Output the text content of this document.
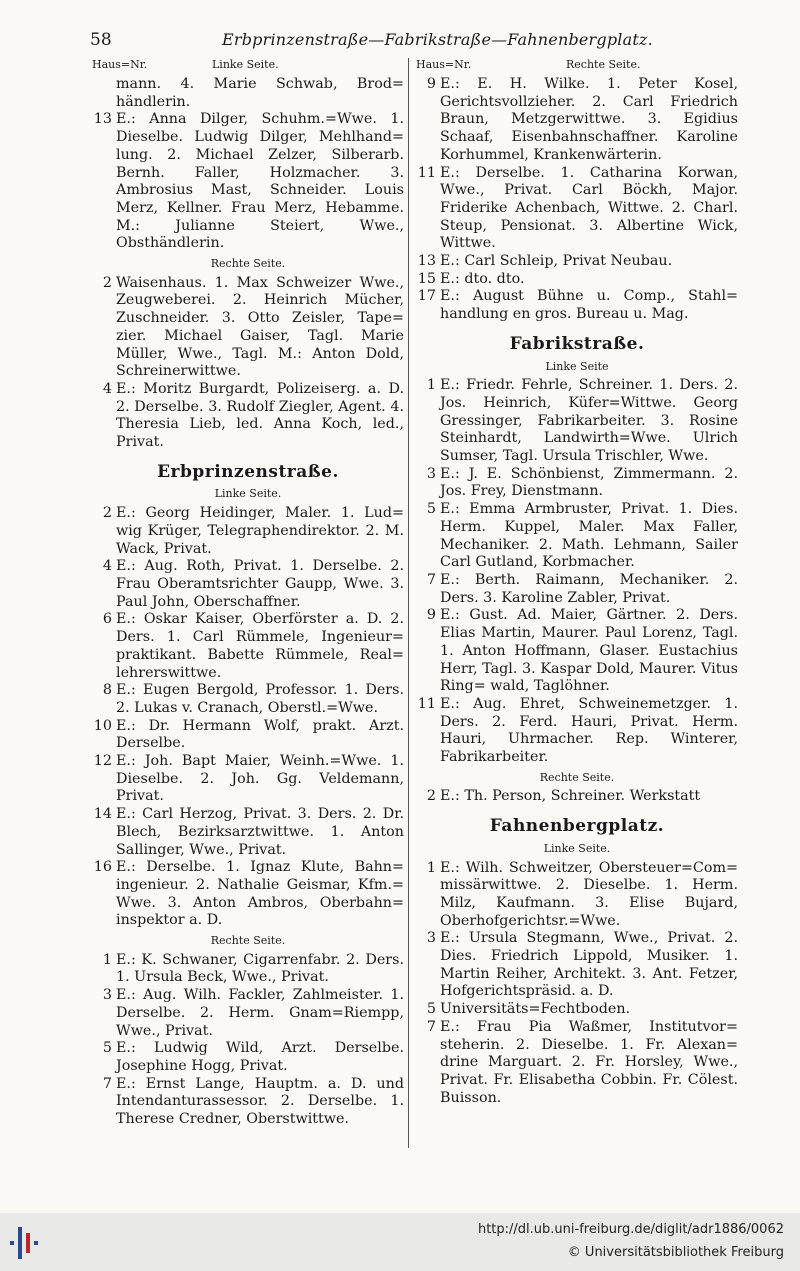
58	Erbprinzenstraße—Fabrikstraße—Fahnenbergplatz.
Haus=Nr.	Linke Seite.	Haus=Nr.	Rechte Seite.
mann. 4. Marie Schwab, Brod= händlerin.
13 E.: Anna Dilger, Schuhm.=Wwe. 1. Dieselbe. Ludwig Dilger, Mehlhand= lung. 2. Michael Zelzer, Silberarb. Bernh. Faller, Holzmacher. 3. Ambrosius Mast, Schneider. Louis Merz, Kellner. Frau Merz, Hebamme. M.: Julianne Steiert, Wwe., Obsthändlerin.
Rechte Seite.
2 Waisenhaus. 1. Max Schweizer Wwe., Zeugweberei. 2. Heinrich Mücher, Zuschneider. 3. Otto Zeisler, Tape= zier. Michael Gaiser, Tagl. Marie Müller, Wwe., Tagl. M.: Anton Dold, Schreinerwittwe.
4 E.: Moritz Burgardt, Polizeiserg. a. D. 2. Derselbe. 3. Rudolf Ziegler, Agent. 4. Theresia Lieb, led. Anna Koch, led., Privat.
Erbprinzenstraße.
Linke Seite.
2 E.: Georg Heidinger, Maler. 1. Lud= wig Krüger, Telegraphendirektor. 2. M. Wack, Privat.
4 E.: Aug. Roth, Privat. 1. Derselbe. 2. Frau Oberamtsrichter Gaupp, Wwe. 3. Paul John, Oberschaffner.
6 E.: Oskar Kaiser, Oberförster a. D. 2. Ders. 1. Carl Rümmele, Ingenieur= praktikant. Babette Rümmele, Real= lehrerswittwe.
8 E.: Eugen Bergold, Professor. 1. Ders. 2. Lukas v. Cranach, Oberstl.=Wwe.
10 E.: Dr. Hermann Wolf, prakt. Arzt. Derselbe.
12 E.: Joh. Bapt Maier, Weinh.=Wwe. 1. Dieselbe. 2. Joh. Gg. Veldemann, Privat.
14 E.: Carl Herzog, Privat. 3. Ders. 2. Dr. Blech, Bezirksarztwittwe. 1. Anton Sallinger, Wwe., Privat.
16 E.: Derselbe. 1. Ignaz Klute, Bahn= ingenieur. 2. Nathalie Geismar, Kfm.= Wwe. 3. Anton Ambros, Oberbahn= inspektor a. D.
Rechte Seite.
1 E.: K. Schwaner, Cigarrenfabr. 2. Ders. 1. Ursula Beck, Wwe., Privat.
3 E.: Aug. Wilh. Fackler, Zahlmeister. 1. Derselbe. 2. Herm. Gnam=Riempp, Wwe., Privat.
5 E.: Ludwig Wild, Arzt. Derselbe. Josephine Hogg, Privat.
7 E.: Ernst Lange, Hauptm. a. D. und Intendanturassessor. 2. Derselbe. 1. Therese Credner, Oberstwittwe.
9 E.: E. H. Wilke. 1. Peter Kosel, Gerichtsvollzieher. 2. Carl Friedrich Braun, Metzgerwittwe. 3. Egidius Schaaf, Eisenbahnschaffner. Karoline Korhummel, Krankenwärterin.
11 E.: Derselbe. 1. Catharina Korwan, Wwe., Privat. Carl Böckh, Major. Friderike Achenbach, Wittwe. 2. Charl. Steup, Pensionat. 3. Albertine Wick, Wittwe.
13 E.: Carl Schleip, Privat Neubau.
15 E.: dto. dto.
17 E.: August Bühne u. Comp., Stahl= handlung en gros. Bureau u. Mag.
Fabrikstraße.
Linke Seite
1 E.: Friedr. Fehrle, Schreiner. 1. Ders. 2. Jos. Heinrich, Küfer=Wittwe. Georg Gressinger, Fabrikarbeiter. 3. Rosine Steinhardt, Landwirth=Wwe. Ulrich Sumser, Tagl. Ursula Trischler, Wwe.
3 E.: J. E. Schönbienst, Zimmermann. 2. Jos. Frey, Dienstmann.
5 E.: Emma Armbruster, Privat. 1. Dies. Herm. Kuppel, Maler. Max Faller, Mechaniker. 2. Math. Lehmann, Sailer Carl Gutland, Korbmacher.
7 E.: Berth. Raimann, Mechaniker. 2. Ders. 3. Karoline Zabler, Privat.
9 E.: Gust. Ad. Maier, Gärtner. 2. Ders. Elias Martin, Maurer. Paul Lorenz, Tagl. 1. Anton Hoffmann, Glaser. Eustachius Herr, Tagl. 3. Kaspar Dold, Maurer. Vitus Ring= wald, Taglöhner.
11 E.: Aug. Ehret, Schweinemetzger. 1. Ders. 2. Ferd. Hauri, Privat. Herm. Hauri, Uhrmacher. Rep. Winterer, Fabrikarbeiter.
Rechte Seite.
2 E.: Th. Person, Schreiner. Werkstatt
Fahnenbergplatz.
Linke Seite.
1 E.: Wilh. Schweitzer, Obersteuer=Com= missärwittwe. 2. Dieselbe. 1. Herm. Milz, Kaufmann. 3. Elise Bujard, Oberhofgerichtsr.=Wwe.
3 E.: Ursula Stegmann, Wwe., Privat. 2. Dies. Friedrich Lippold, Musiker. 1. Martin Reiher, Architekt. 3. Ant. Fetzer, Hofgerichtspräsid. a. D.
5 Universitäts=Fechtboden.
7 E.: Frau Pia Waßmer, Institutvor= steherin. 2. Dieselbe. 1. Fr. Alexan= drine Marguart. 2. Fr. Horsley, Wwe., Privat. Fr. Elisabetha Cobbin. Fr. Cölest. Buisson.
http://dl.ub.uni-freiburg.de/diglit/adr1886/0062
© Universitätsbibliothek Freiburg
